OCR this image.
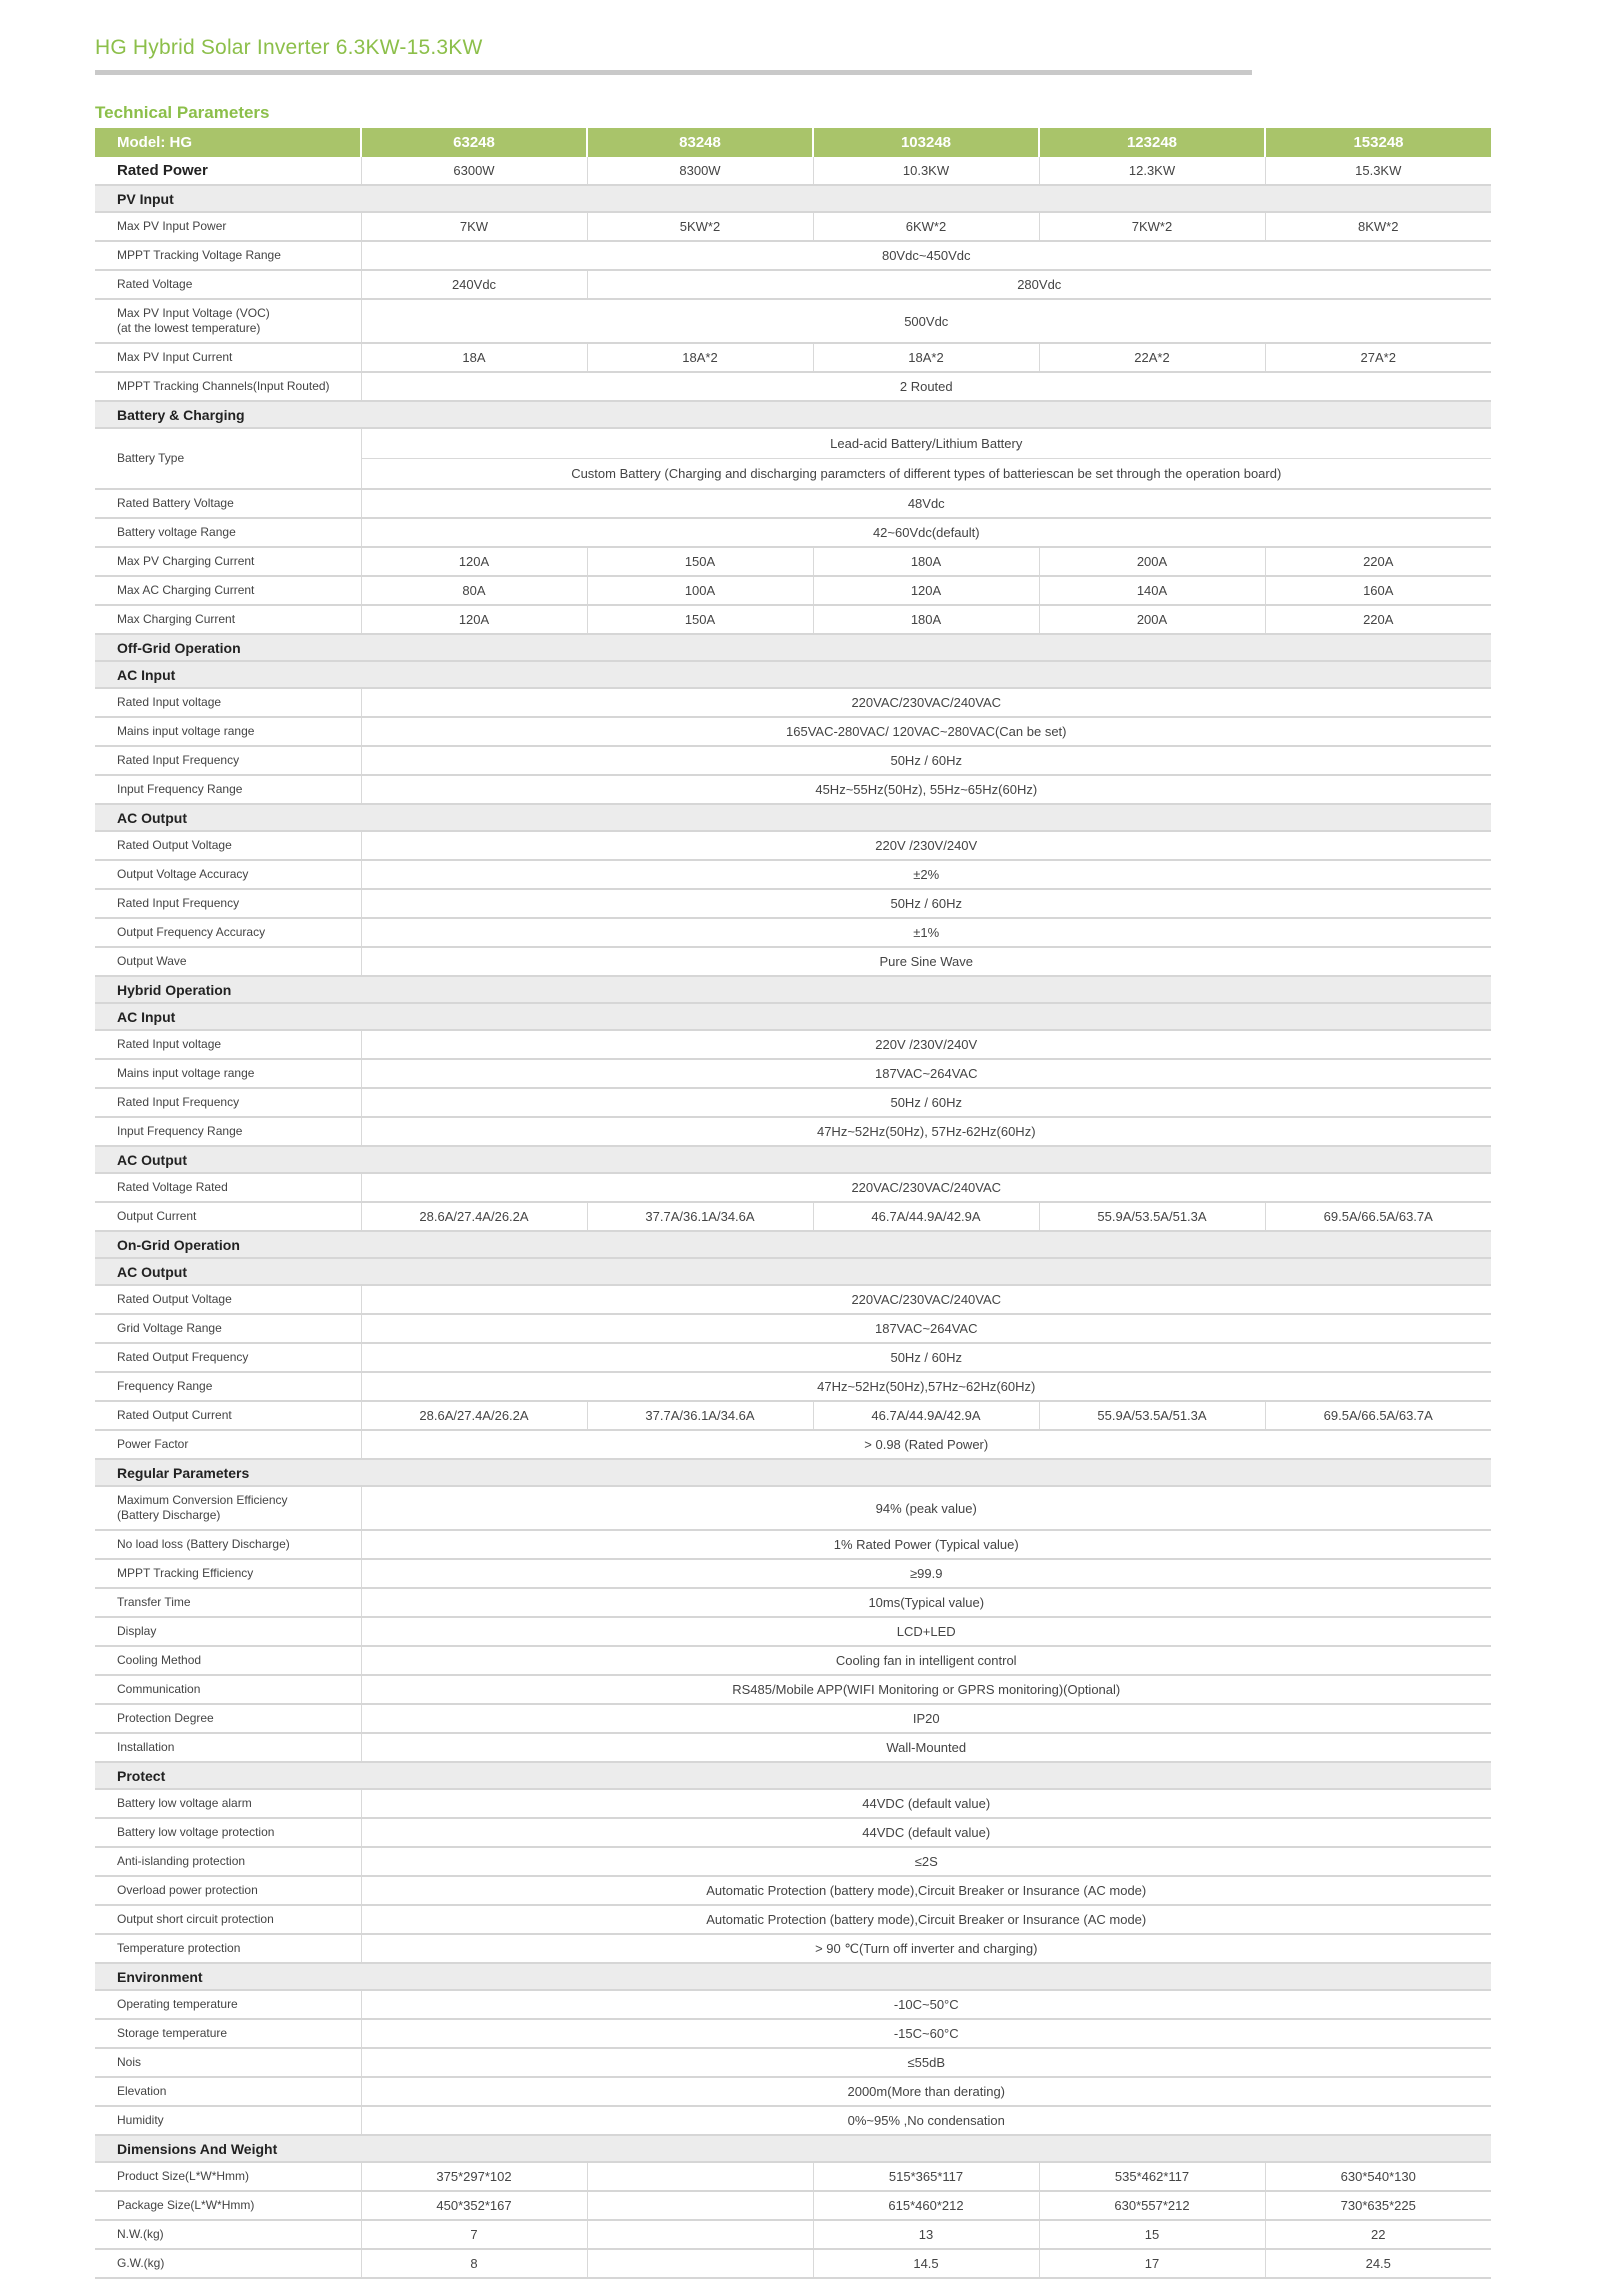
HG Hybrid Solar Inverter 6.3KW-15.3KW
Technical Parameters
Model: HG	63248	83248	103248	123248	153248
Rated Power	6300W	8300W	10.3KW	12.3KW	15.3KW
PV Input					
Max PV Input Power	7KW	5KW*2	6KW*2	7KW*2	8KW*2
MPPT Tracking Voltage Range	80Vdc~450Vdc				
Rated Voltage	240Vdc	280Vdc			
Max PV Input Voltage (VOC)
(at the lowest temperature)	500Vdc				
Max PV Input Current	18A	18A*2	18A*2	22A*2	27A*2
MPPT Tracking Channels(Input Routed)	2 Routed				
Battery & Charging					
Battery Type	Lead-acid Battery/Lithium Battery
Custom Battery (Charging and discharging paramcters of different types of batteriescan be set through the operation board)				

Rated Battery Voltage	48Vdc				
Battery voltage Range	42~60Vdc(default)				
Max PV Charging Current	120A	150A	180A	200A	220A
Max AC Charging Current	80A	100A	120A	140A	160A
Max Charging Current	120A	150A	180A	200A	220A
Off-Grid Operation					
AC Input					
Rated Input voltage	220VAC/230VAC/240VAC				
Mains input voltage range	165VAC-280VAC/ 120VAC~280VAC(Can be set)				
Rated Input Frequency	50Hz / 60Hz				
Input Frequency Range	45Hz~55Hz(50Hz), 55Hz~65Hz(60Hz)				
AC Output					
Rated Output Voltage	220V /230V/240V				
Output Voltage Accuracy	±2%				
Rated Input Frequency	50Hz / 60Hz				
Output Frequency Accuracy	±1%				
Output Wave	Pure Sine Wave				
Hybrid Operation					
AC Input					
Rated Input voltage	220V /230V/240V				
Mains input voltage range	187VAC~264VAC				
Rated Input Frequency	50Hz / 60Hz				
Input Frequency Range	47Hz~52Hz(50Hz), 57Hz-62Hz(60Hz)				
AC Output					
Rated Voltage Rated	220VAC/230VAC/240VAC				
Output Current	28.6A/27.4A/26.2A	37.7A/36.1A/34.6A	46.7A/44.9A/42.9A	55.9A/53.5A/51.3A	69.5A/66.5A/63.7A
On-Grid Operation					
AC Output					
Rated Output Voltage	220VAC/230VAC/240VAC				
Grid Voltage Range	187VAC~264VAC				
Rated Output Frequency	50Hz / 60Hz				
Frequency Range	47Hz~52Hz(50Hz),57Hz~62Hz(60Hz)				
Rated Output Current	28.6A/27.4A/26.2A	37.7A/36.1A/34.6A	46.7A/44.9A/42.9A	55.9A/53.5A/51.3A	69.5A/66.5A/63.7A
Power Factor	> 0.98 (Rated Power)				
Regular Parameters					
Maximum Conversion Efficiency
(Battery Discharge)	94% (peak value)				
No load loss (Battery Discharge)	1% Rated Power (Typical value)				
MPPT Tracking Efficiency	≥99.9				
Transfer Time	10ms(Typical value)				
Display	LCD+LED				
Cooling Method	Cooling fan in intelligent control				
Communication	RS485/Mobile APP(WIFI Monitoring or GPRS monitoring)(Optional)				
Protection Degree	IP20				
Installation	Wall-Mounted				
Protect					
Battery low voltage alarm	44VDC (default value)				
Battery low voltage protection	44VDC (default value)				
Anti-islanding protection	≤2S				
Overload power protection	Automatic Protection (battery mode),Circuit Breaker or Insurance (AC mode)				
Output short circuit protection	Automatic Protection (battery mode),Circuit Breaker or Insurance (AC mode)				
Temperature protection	> 90 ℃(Turn off inverter and charging)				
Environment					
Operating temperature	-10C~50°C				
Storage temperature	-15C~60°C				
Nois	≤55dB				
Elevation	2000m(More than derating)				
Humidity	0%~95% ,No condensation				
Dimensions And Weight					
Product Size(L*W*Hmm)	375*297*102		515*365*117	535*462*117	630*540*130
Package Size(L*W*Hmm)	450*352*167		615*460*212	630*557*212	730*635*225
N.W.(kg)	7		13	15	22
G.W.(kg)	8		14.5	17	24.5
